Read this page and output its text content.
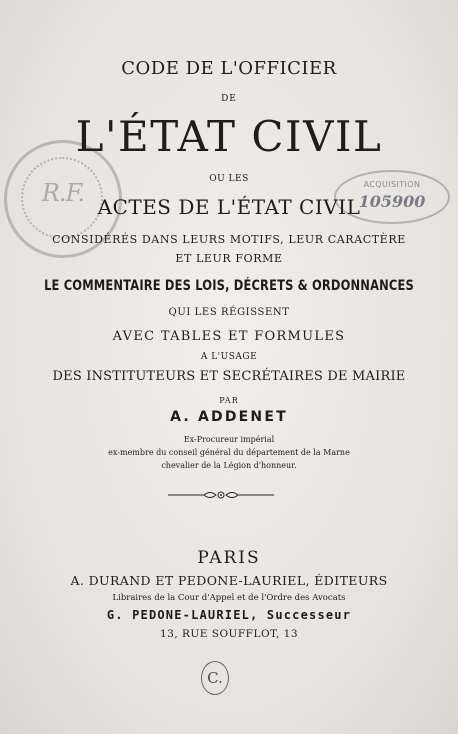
R.F.	ACQUISITION
105900

CODE DE L'OFFICIER

DE

L'ÉTAT CIVIL

OU LES

ACTES DE L'ÉTAT CIVIL

CONSIDÉRÉS DANS LEURS MOTIFS, LEUR CARACTÈRE

ET LEUR FORME

LE COMMENTAIRE DES LOIS, DÉCRETS & ORDONNANCES

QUI LES RÉGISSENT

AVEC TABLES ET FORMULES

A L'USAGE

DES INSTITUTEURS ET SECRÉTAIRES DE MAIRIE

PAR

A. ADDENET

Ex-Procureur impérial

ex-membre du conseil général du département de la Marne

chevalier de la Légion d'honneur.

PARIS

A. DURAND ET PEDONE-LAURIEL, ÉDITEURS

Libraires de la Cour d'Appel et de l'Ordre des Avocats

G. PEDONE-LAURIEL, Successeur

13, RUE SOUFFLOT, 13

C.
